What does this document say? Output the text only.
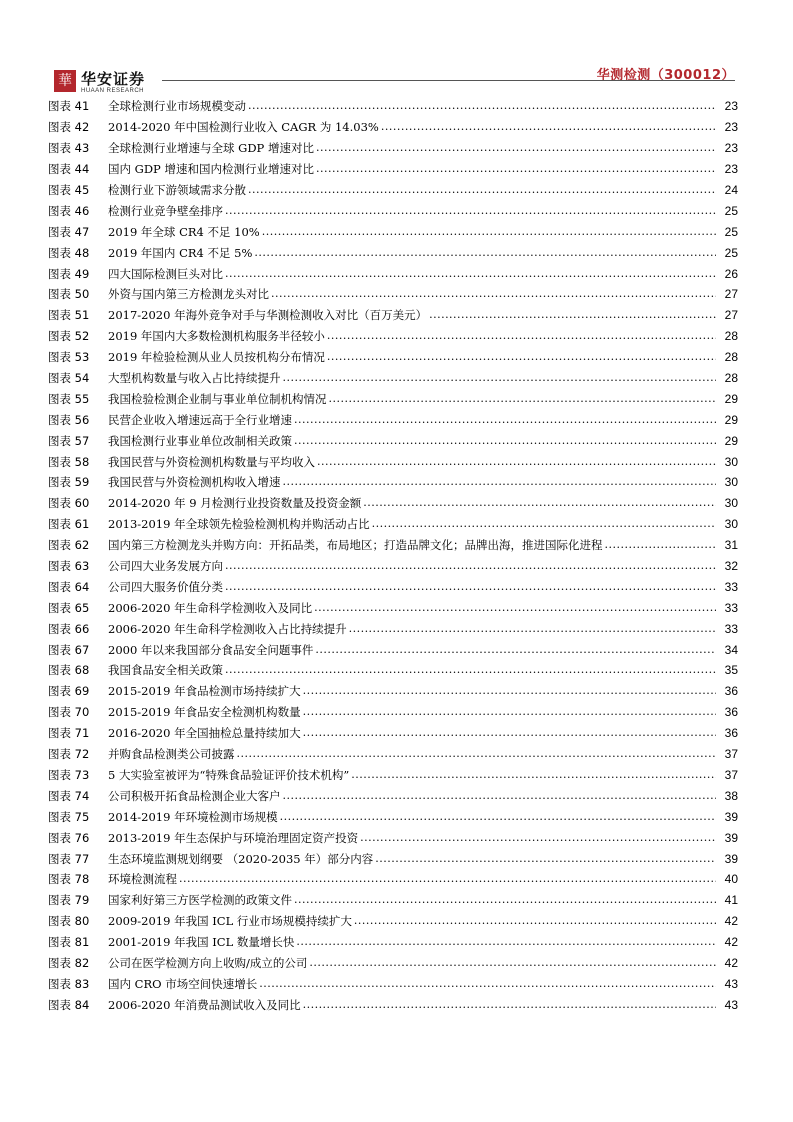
華 华安证券
HUAAN RESEARCH
华测检测（300012）
图表 41	全球检测行业市场规模变动 .....	23
图表 42	2014-2020 年中国检测行业收入 CAGR 为 14.03% .....	23
图表 43	全球检测行业增速与全球 GDP 增速对比 .....	23
图表 44	国内 GDP 增速和国内检测行业增速对比 .....	23
图表 45	检测行业下游领域需求分散 .....	24
图表 46	检测行业竞争壁垒排序 .....	25
图表 47	2019 年全球 CR4 不足 10% .....	25
图表 48	2019 年国内 CR4 不足 5% .....	25
图表 49	四大国际检测巨头对比 .....	26
图表 50	外资与国内第三方检测龙头对比 .....	27
图表 51	2017-2020 年海外竞争对手与华测检测收入对比（百万美元） .....	27
图表 52	2019 年国内大多数检测机构服务半径较小 .....	28
图表 53	2019 年检验检测从业人员按机构分布情况 .....	28
图表 54	大型机构数量与收入占比持续提升 .....	28
图表 55	我国检验检测企业制与事业单位制机构情况 .....	29
图表 56	民营企业收入增速远高于全行业增速 .....	29
图表 57	我国检测行业事业单位改制相关政策 .....	29
图表 58	我国民营与外资检测机构数量与平均收入 .....	30
图表 59	我国民营与外资检测机构收入增速 .....	30
图表 60	2014-2020 年 9 月检测行业投资数量及投资金额 .....	30
图表 61	2013-2019 年全球领先检验检测机构并购活动占比 .....	30
图表 62	国内第三方检测龙头并购方向：开拓品类，布局地区；打造品牌文化；品牌出海，推进国际化进程 .....	31
图表 63	公司四大业务发展方向 .....	32
图表 64	公司四大服务价值分类 .....	33
图表 65	2006-2020 年生命科学检测收入及同比 .....	33
图表 66	2006-2020 年生命科学检测收入占比持续提升 .....	33
图表 67	2000 年以来我国部分食品安全问题事件 .....	34
图表 68	我国食品安全相关政策 .....	35
图表 69	2015-2019 年食品检测市场持续扩大 .....	36
图表 70	2015-2019 年食品安全检测机构数量 .....	36
图表 71	2016-2020 年全国抽检总量持续加大 .....	36
图表 72	并购食品检测类公司披露 .....	37
图表 73	5 大实验室被评为“特殊食品验证评价技术机构” .....	37
图表 74	公司积极开拓食品检测企业大客户 .....	38
图表 75	2014-2019 年环境检测市场规模 .....	39
图表 76	2013-2019 年生态保护与环境治理固定资产投资 .....	39
图表 77	生态环境监测规划纲要 （2020-2035 年）部分内容 .....	39
图表 78	环境检测流程 .....	40
图表 79	国家利好第三方医学检测的政策文件 .....	41
图表 80	2009-2019 年我国 ICL 行业市场规模持续扩大 .....	42
图表 81	2001-2019 年我国 ICL 数量增长快 .....	42
图表 82	公司在医学检测方向上收购/成立的公司 .....	42
图表 83	国内 CRO 市场空间快速增长 .....	43
图表 84	2006-2020 年消费品测试收入及同比 .....	43
